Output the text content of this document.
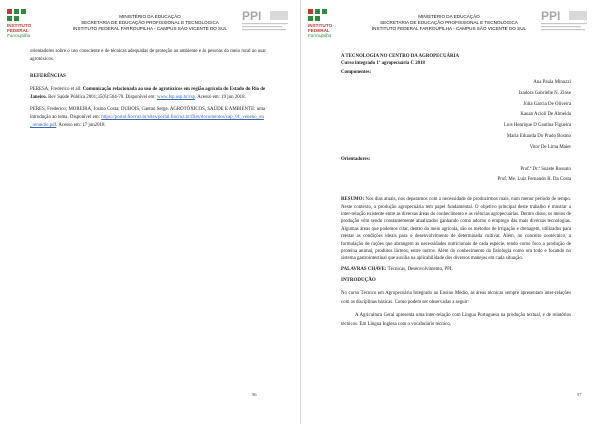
INSTITUTO
FEDERAL
Farroupilha
MINISTÉRIO DA EDUCAÇÃO
SECRETARIA DE EDUCAÇÃO PROFISSIONAL E TECNOLÓGICA
INSTITUTO FEDERAL FARROUPILHA - CAMPUS SÃO VICENTE DO SUL
PPI

orientadores sobre o uso consciente e de técnicas adequadas de proteção ao ambiente e às pessoas do meio rural ao usar agrotóxicos.

REFERÊNCIAS

PERESA, Frederico et all. Comunicação relacionada ao uso de agrotóxicos em região agrícola do Estado do Rio de Janeiro. Rev Saúde Pública 2001;35(6):564-70. Disponível em: www.fsp.usp.br/rsp. Acesso em: 19 jun 2018.

PERES, Frederico; MOREIRA, Josino Costa; DUBOIS, Gaetan Serge. AGROTÓXICOS, SAÚDE E AMBIENTE: uma introdução ao tema. Disponível em: https://portal.fiocruz.br/sites/portal.fiocruz.br/files/documentos/cap_01_veneno_ou_remedio.pdf. Acesso em: 17 jun2018.

56
INSTITUTO
FEDERAL
Farroupilha
MINISTÉRIO DA EDUCAÇÃO
SECRETARIA DE EDUCAÇÃO PROFISSIONAL E TECNOLÓGICA
INSTITUTO FEDERAL FARROUPILHA - CAMPUS SÃO VICENTE DO SUL
PPI

A TECNOLOGIA NO CENTRO DA AGROPECUÁRIA

Curso integrado 1º agropecuária C 2018

Componentes:

Ana Paula Minuzzi
Izadora Gabrielle N. Zinse
Júlia Garcia De Oliveira
Kauan Acioli De Almeida
Luis Henrique D Gautina Figueira
Maria Eduarda Do Prado Bosmo
Vitor De Lima Maier

Orientadores:

Prof.ª Dr.ª Suzete Rossato
Prof. Me. Luiz Fernando R. Da Costa

RESUMO: Nos dias atuais, nos deparamos com a necessidade de produzirmos mais, num menor período de tempo. Neste contexto, a produção agropecuária tem papel fundamental. O objetivo principal deste trabalho é mostrar a inter-relação existente entre as diversas áreas do conhecimento e as ciências agropecuárias. Dentro disso, os meios de produção vêm sendo constantemente atualizados ganhando como adorno o emprego das mais diversas tecnologias. Algumas áreas que podemos citar, dentro do meio agrícola, são os métodos de irrigação e drenagem, utilizados para reestar as condições ideais para o desenvolvimento de determinada cultivar. Além, no conceito zootécnico, a formulação de rações que abrangem as necessidades nutricionais de cada espécie, tendo como foco a produção de proteína animal, produtos lácteos, entre outros. Além do conhecimento da fisiologia como um todo e focando no sistema gastrointestinal que auxilia na aplicabilidade dos diversos manejos em cada situação.

PALAVRAS CHAVE: Técnicas, Desenvolvimento, PPI.

INTRODUÇÃO

No curso Técnico em Agropecuária Integrado ao Ensino Médio, as áreas técnicas sempre apresentam inter-relações com as disciplinas básicas. Como podem ser observadas a seguir:

A Agricultura Geral apresenta uma inter-relação com Língua Portuguesa na produção textual, e de relatórios técnicos. Em Língua Inglesa com o vocabulário técnico,

57
